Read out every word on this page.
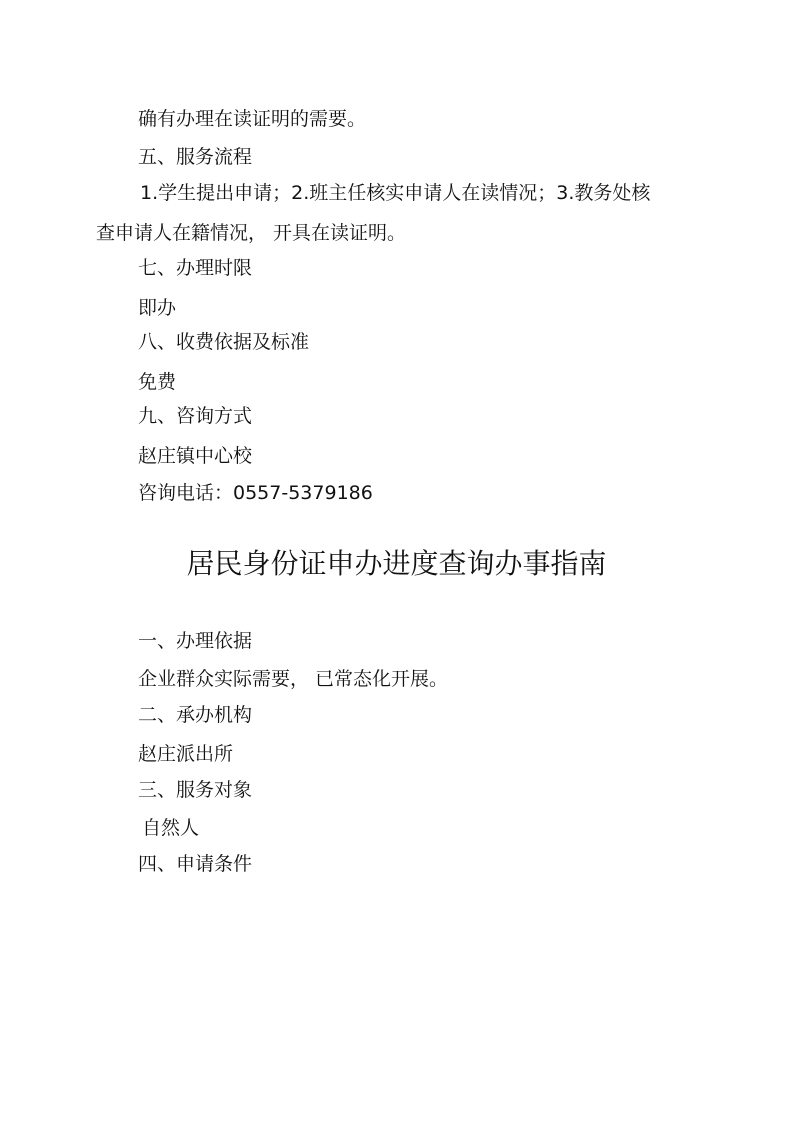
确有办理在读证明的需要。

五、服务流程

1.学生提出申请；2.班主任核实申请人在读情况；3.教务处核

查申请人在籍情况， 开具在读证明。

七、办理时限

即办

八、收费依据及标准

免费

九、咨询方式

赵庄镇中心校

咨询电话：0557-5379186

居民身份证申办进度查询办事指南

一、办理依据

企业群众实际需要， 已常态化开展。

二、承办机构

赵庄派出所

三、服务对象

自然人

四、申请条件
